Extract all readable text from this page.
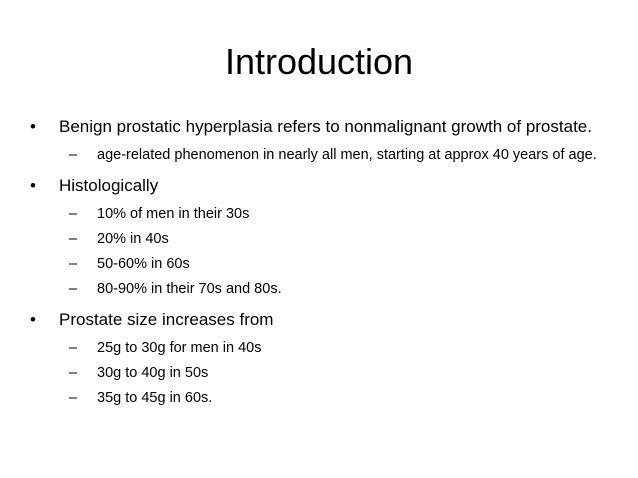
Introduction
• Benign prostatic hyperplasia refers to nonmalignant growth of prostate.
– age-related phenomenon in nearly all men, starting at approx 40 years of age.
• Histologically
– 10% of men in their 30s
– 20% in 40s
– 50-60% in 60s
– 80-90% in their 70s and 80s.
• Prostate size increases from
– 25g to 30g for men in 40s
– 30g to 40g in 50s
– 35g to 45g in 60s.
